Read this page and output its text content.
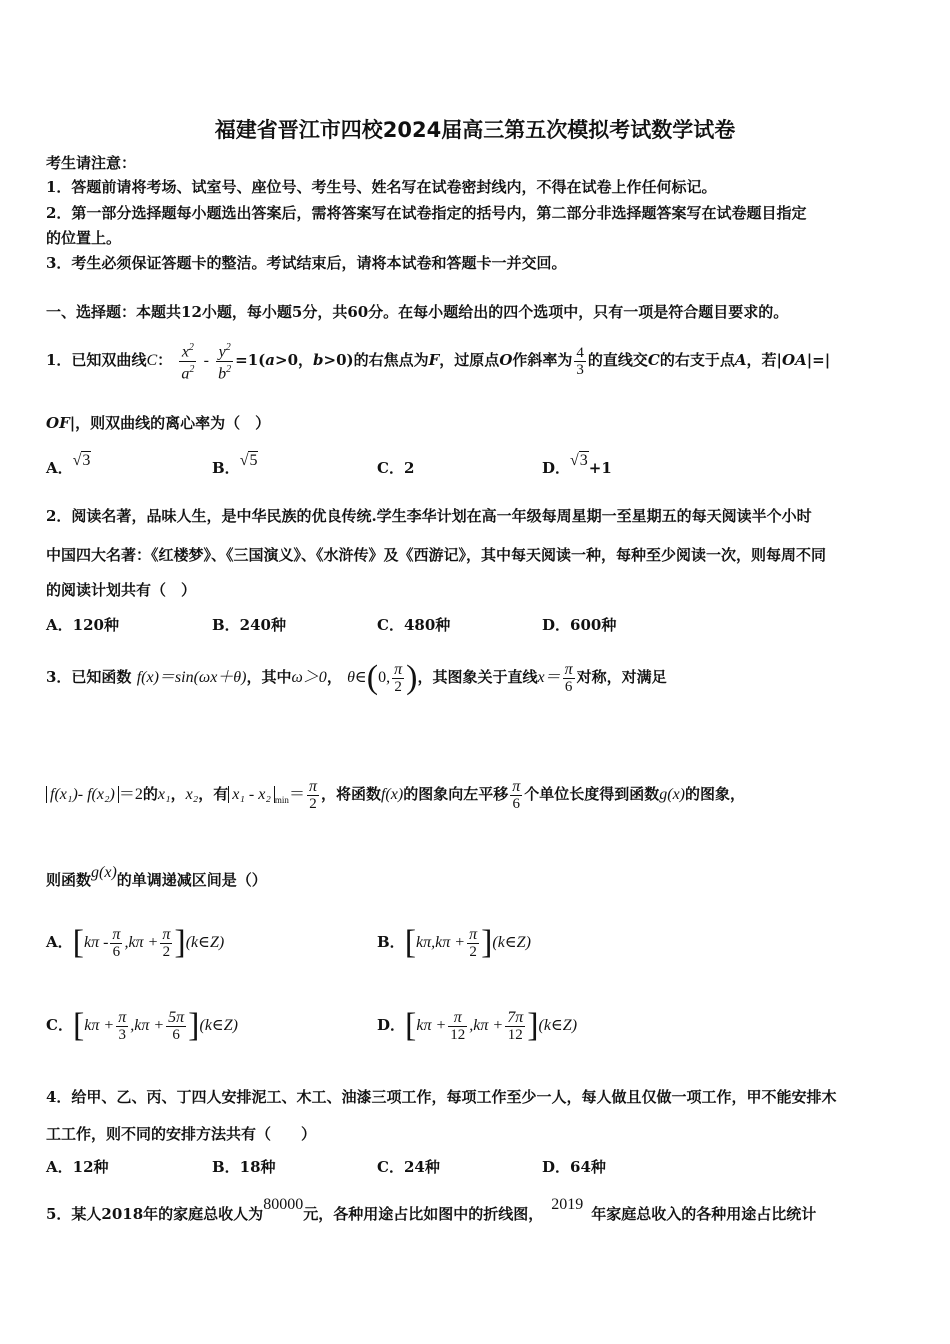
福建省晋江市四校2024届高三第五次模拟考试数学试卷
考生请注意：
1．答题前请将考场、试室号、座位号、考生号、姓名写在试卷密封线内，不得在试卷上作任何标记。
2．第一部分选择题每小题选出答案后，需将答案写在试卷指定的括号内，第二部分非选择题答案写在试卷题目指定
的位置上。
3．考生必须保证答题卡的整洁。考试结束后，请将本试卷和答题卡一并交回。
一、选择题：本题共12小题，每小题5分，共60分。在每小题给出的四个选项中，只有一项是符合题目要求的。
1．已知双曲线C： $\frac{x^2}{a^2} - \frac{y^2}{b^2} =1(a>0$，b>0)的右焦点为F，过原点O作斜率为 $\frac{4}{3}$ 的直线交C的右支于点A，若|OA|=|
OF|，则双曲线的离心率为（　）
A．√3	B．√5	C．2	D．√3+1
2．阅读名著，品味人生，是中华民族的优良传统.学生李华计划在高一年级每周星期一至星期五的每天阅读半个小时
中国四大名著：《红楼梦》、《三国演义》、《水浒传》及《西游记》，其中每天阅读一种，每种至少阅读一次，则每周不同
的阅读计划共有（　）
A．120种	B．240种	C．480种	D．600种
3．已知函数 f(x)＝sin(ωx＋θ)，其中ω＞0， θ∈(0, $\frac{\pi}{2}$ )，其图象关于直线$x= \frac{\pi}{6}$ 对称，对满足
f(x₁)- f(x₂) ＝2的x₁，x₂，有 x₁ - x₂ $_{min}= \frac{\pi}{2}$ ，将函数f(x)的图象向左平移 $\frac{\pi}{6}$ 个单位长度得到函数g(x)的图象，
则函数g(x)的单调递减区间是（）
A．[$k\pi - \frac{\pi}{6} ,k\pi + \frac{\pi}{2}$ ](k∈Z)	B．[$k\pi,k\pi + \frac{\pi}{2}$ ](k∈Z)
C．[$k\pi + \frac{\pi}{3} ,k\pi + \frac{5\pi}{6}$ ](k∈Z)	D．[$k\pi + \frac{\pi}{12} ,k\pi + \frac{7\pi}{12}$ ](k∈Z)
4．给甲、乙、丙、丁四人安排泥工、木工、油漆三项工作，每项工作至少一人，每人做且仅做一项工作，甲不能安排木
工工作，则不同的安排方法共有（　　）
A．12种	B．18种	C．24种	D．64种
5．某人2018年的家庭总收人为80000元，各种用途占比如图中的折线图，2019年家庭总收入的各种用途占比统计
